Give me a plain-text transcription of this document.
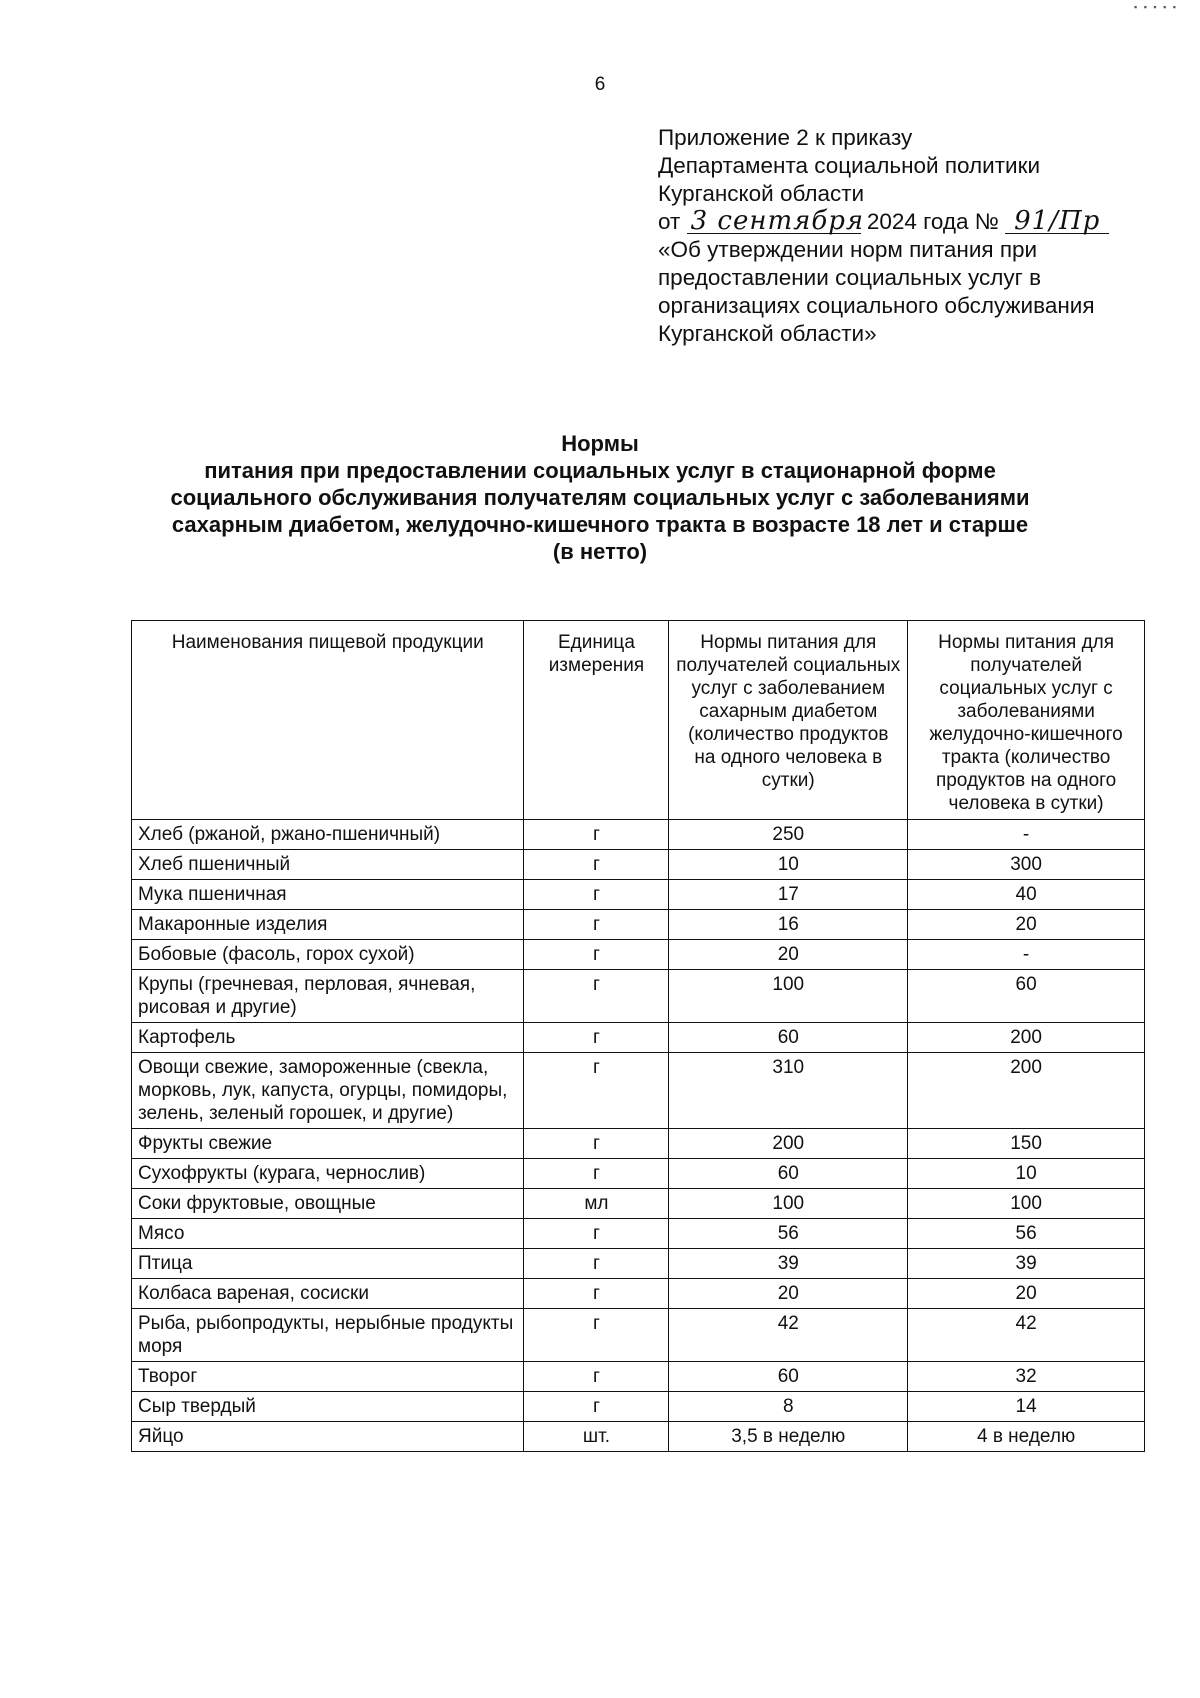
▪ ▪ ▪ ▪ ▪
6
Приложение 2 к приказу
Департамента социальной политики
Курганской области
от 3 сентября 2024 года № 91/Пр
«Об утверждении норм питания при
предоставлении социальных услуг в
организациях социального обслуживания
Курганской области»
Нормы
питания при предоставлении социальных услуг в стационарной форме
социального обслуживания получателям социальных услуг с заболеваниями
сахарным диабетом, желудочно-кишечного тракта в возрасте 18 лет и старше
(в нетто)
Наименования пищевой продукции	Единица измерения	Нормы питания для получателей социальных услуг с заболеванием сахарным диабетом (количество продуктов на одного человека в сутки)	Нормы питания для получателей социальных услуг с заболеваниями желудочно-кишечного тракта (количество продуктов на одного человека в сутки)
Хлеб (ржаной, ржано-пшеничный)	г	250	-
Хлеб пшеничный	г	10	300
Мука пшеничная	г	17	40
Макаронные изделия	г	16	20
Бобовые (фасоль, горох сухой)	г	20	-
Крупы (гречневая, перловая, ячневая, рисовая и другие)	г	100	60
Картофель	г	60	200
Овощи свежие, замороженные (свекла, морковь, лук, капуста, огурцы, помидоры, зелень, зеленый горошек, и другие)	г	310	200
Фрукты свежие	г	200	150
Сухофрукты (курага, чернослив)	г	60	10
Соки фруктовые, овощные	мл	100	100
Мясо	г	56	56
Птица	г	39	39
Колбаса вареная, сосиски	г	20	20
Рыба, рыбопродукты, нерыбные продукты моря	г	42	42
Творог	г	60	32
Сыр твердый	г	8	14
Яйцо	шт.	3,5 в неделю	4 в неделю
